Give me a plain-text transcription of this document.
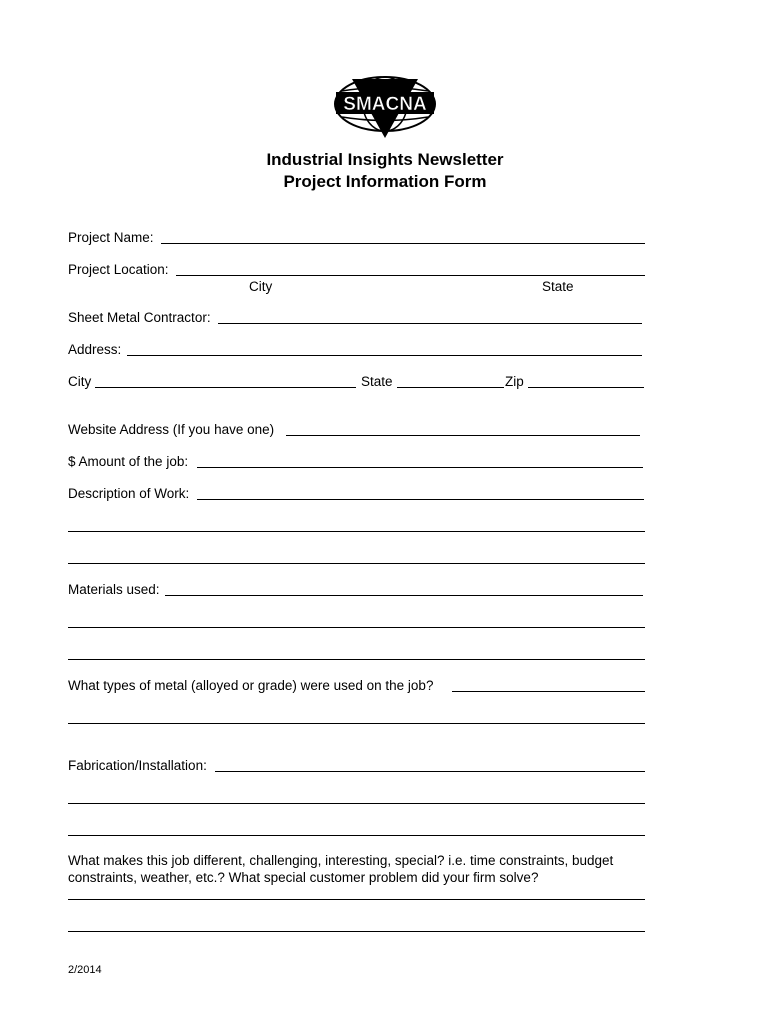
SMACNA
Industrial Insights Newsletter
Project Information Form
Project Name:
Project Location:
City	State
Sheet Metal Contractor:
Address:
City	State	Zip
Website Address (If you have one)
$ Amount of the job:
Description of Work:
Materials used:
What types of metal (alloyed or grade) were used on the job?
Fabrication/Installation:
What makes this job different, challenging, interesting, special? i.e. time constraints, budget
constraints, weather, etc.? What special customer problem did your firm solve?
2/2014
